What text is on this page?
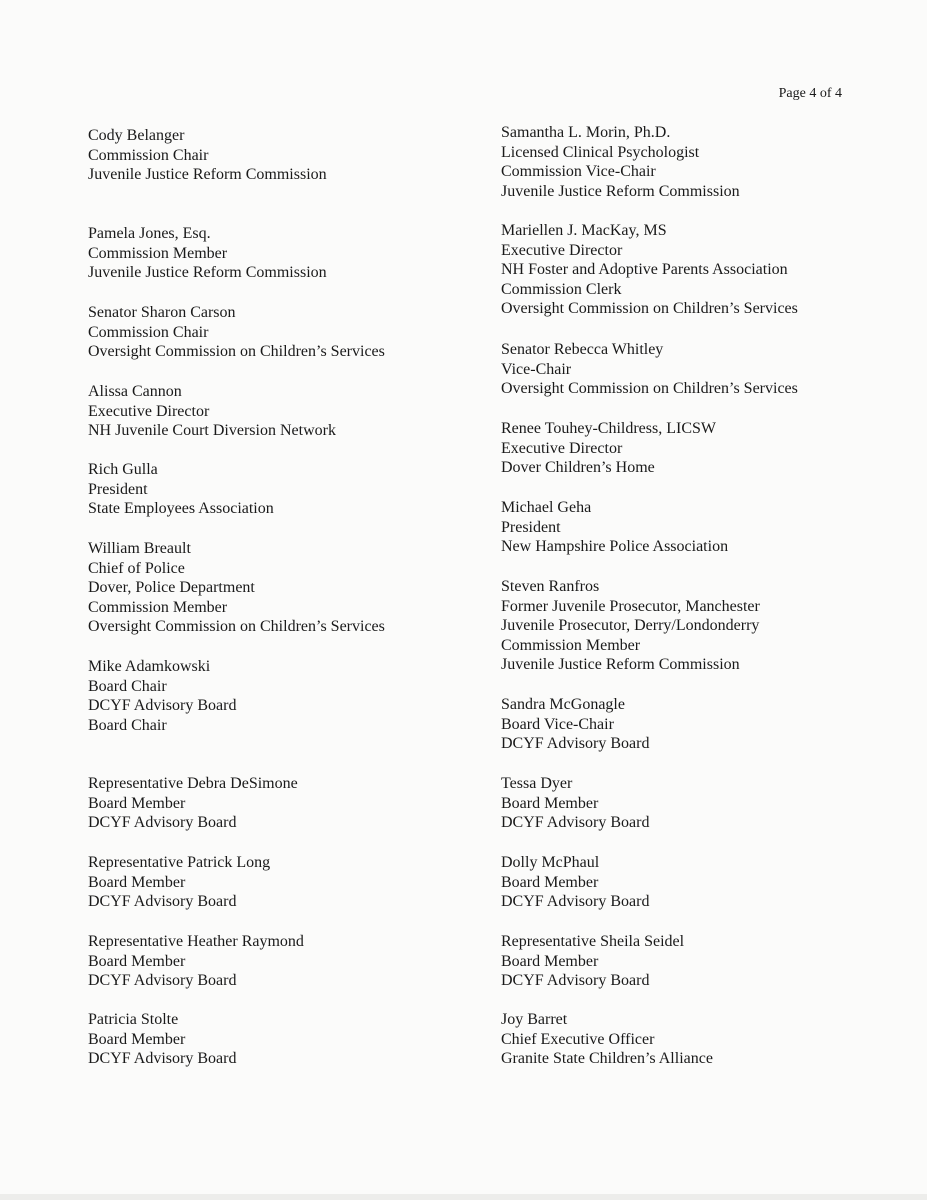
Page 4 of 4
Cody Belanger
Commission Chair
Juvenile Justice Reform Commission
Pamela Jones, Esq.
Commission Member
Juvenile Justice Reform Commission
Senator Sharon Carson
Commission Chair
Oversight Commission on Children’s Services
Alissa Cannon
Executive Director
NH Juvenile Court Diversion Network
Rich Gulla
President
State Employees Association
William Breault
Chief of Police
Dover, Police Department
Commission Member
Oversight Commission on Children’s Services
Mike Adamkowski
Board Chair
DCYF Advisory Board
Board Chair
Representative Debra DeSimone
Board Member
DCYF Advisory Board
Representative Patrick Long
Board Member
DCYF Advisory Board
Representative Heather Raymond
Board Member
DCYF Advisory Board
Patricia Stolte
Board Member
DCYF Advisory Board
Samantha L. Morin, Ph.D.
Licensed Clinical Psychologist
Commission Vice-Chair
Juvenile Justice Reform Commission
Mariellen J. MacKay, MS
Executive Director
NH Foster and Adoptive Parents Association
Commission Clerk
Oversight Commission on Children’s Services
Senator Rebecca Whitley
Vice-Chair
Oversight Commission on Children’s Services
Renee Touhey-Childress, LICSW
Executive Director
Dover Children’s Home
Michael Geha
President
New Hampshire Police Association
Steven Ranfros
Former Juvenile Prosecutor, Manchester
Juvenile Prosecutor, Derry/Londonderry
Commission Member
Juvenile Justice Reform Commission
Sandra McGonagle
Board Vice-Chair
DCYF Advisory Board
Tessa Dyer
Board Member
DCYF Advisory Board
Dolly McPhaul
Board Member
DCYF Advisory Board
Representative Sheila Seidel
Board Member
DCYF Advisory Board
Joy Barret
Chief Executive Officer
Granite State Children’s Alliance
